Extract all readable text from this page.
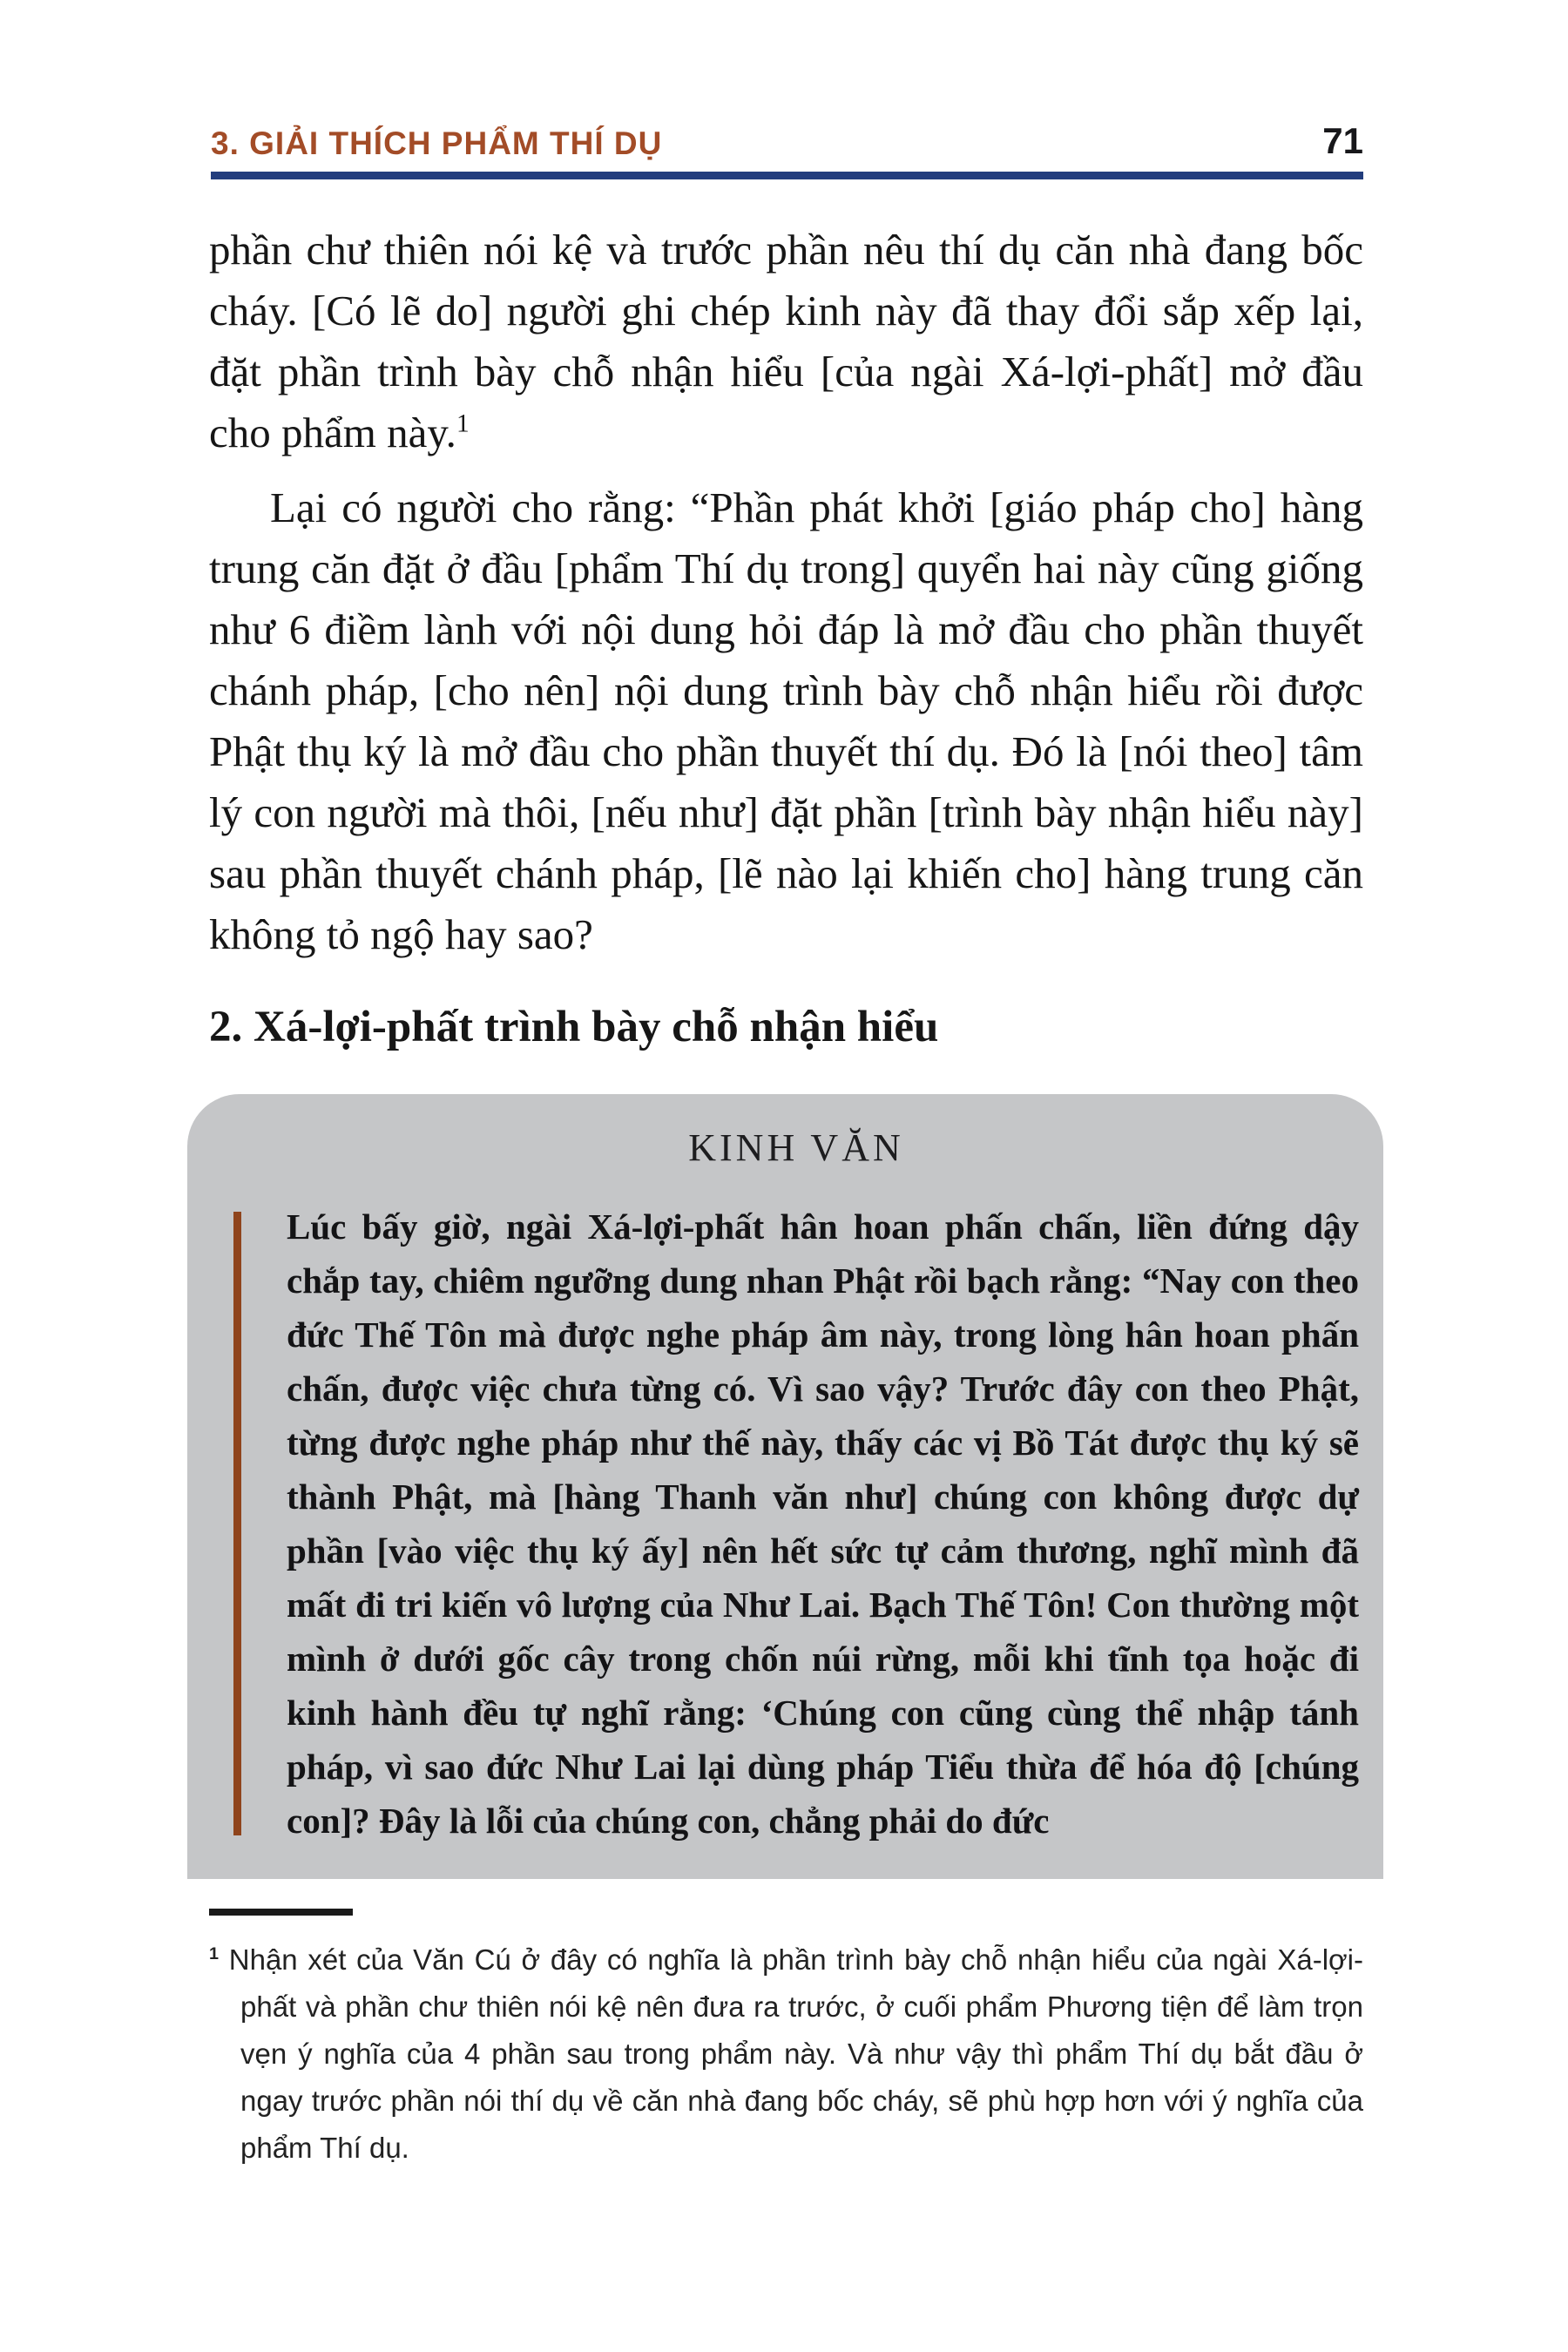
3. GIẢI THÍCH PHẨM THÍ DỤ	71

phần chư thiên nói kệ và trước phần nêu thí dụ căn nhà đang bốc cháy. [Có lẽ do] người ghi chép kinh này đã thay đổi sắp xếp lại, đặt phần trình bày chỗ nhận hiểu [của ngài Xá-lợi-phất] mở đầu cho phẩm này.$^1$

Lại có người cho rằng: “Phần phát khởi [giáo pháp cho] hàng trung căn đặt ở đầu [phẩm Thí dụ trong] quyển hai này cũng giống như 6 điềm lành với nội dung hỏi đáp là mở đầu cho phần thuyết chánh pháp, [cho nên] nội dung trình bày chỗ nhận hiểu rồi được Phật thụ ký là mở đầu cho phần thuyết thí dụ. Đó là [nói theo] tâm lý con người mà thôi, [nếu như] đặt phần [trình bày nhận hiểu này] sau phần thuyết chánh pháp, [lẽ nào lại khiến cho] hàng trung căn không tỏ ngộ hay sao?

2. Xá-lợi-phất trình bày chỗ nhận hiểu
KINH VĂN

Lúc bấy giờ, ngài Xá-lợi-phất hân hoan phấn chấn, liền đứng dậy chắp tay, chiêm ngưỡng dung nhan Phật rồi bạch rằng: “Nay con theo đức Thế Tôn mà được nghe pháp âm này, trong lòng hân hoan phấn chấn, được việc chưa từng có. Vì sao vậy? Trước đây con theo Phật, từng được nghe pháp như thế này, thấy các vị Bồ Tát được thụ ký sẽ thành Phật, mà [hàng Thanh văn như] chúng con không được dự phần [vào việc thụ ký ấy] nên hết sức tự cảm thương, nghĩ mình đã mất đi tri kiến vô lượng của Như Lai. Bạch Thế Tôn! Con thường một mình ở dưới gốc cây trong chốn núi rừng, mỗi khi tĩnh tọa hoặc đi kinh hành đều tự nghĩ rằng: ‘Chúng con cũng cùng thể nhập tánh pháp, vì sao đức Như Lai lại dùng pháp Tiểu thừa để hóa độ [chúng con]? Đây là lỗi của chúng con, chẳng phải do đức

$^1$ Nhận xét của Văn Cú ở đây có nghĩa là phần trình bày chỗ nhận hiểu của ngài Xá-lợi-phất và phần chư thiên nói kệ nên đưa ra trước, ở cuối phẩm Phương tiện để làm trọn vẹn ý nghĩa của 4 phần sau trong phẩm này. Và như vậy thì phẩm Thí dụ bắt đầu ở ngay trước phần nói thí dụ về căn nhà đang bốc cháy, sẽ phù hợp hơn với ý nghĩa của phẩm Thí dụ.
